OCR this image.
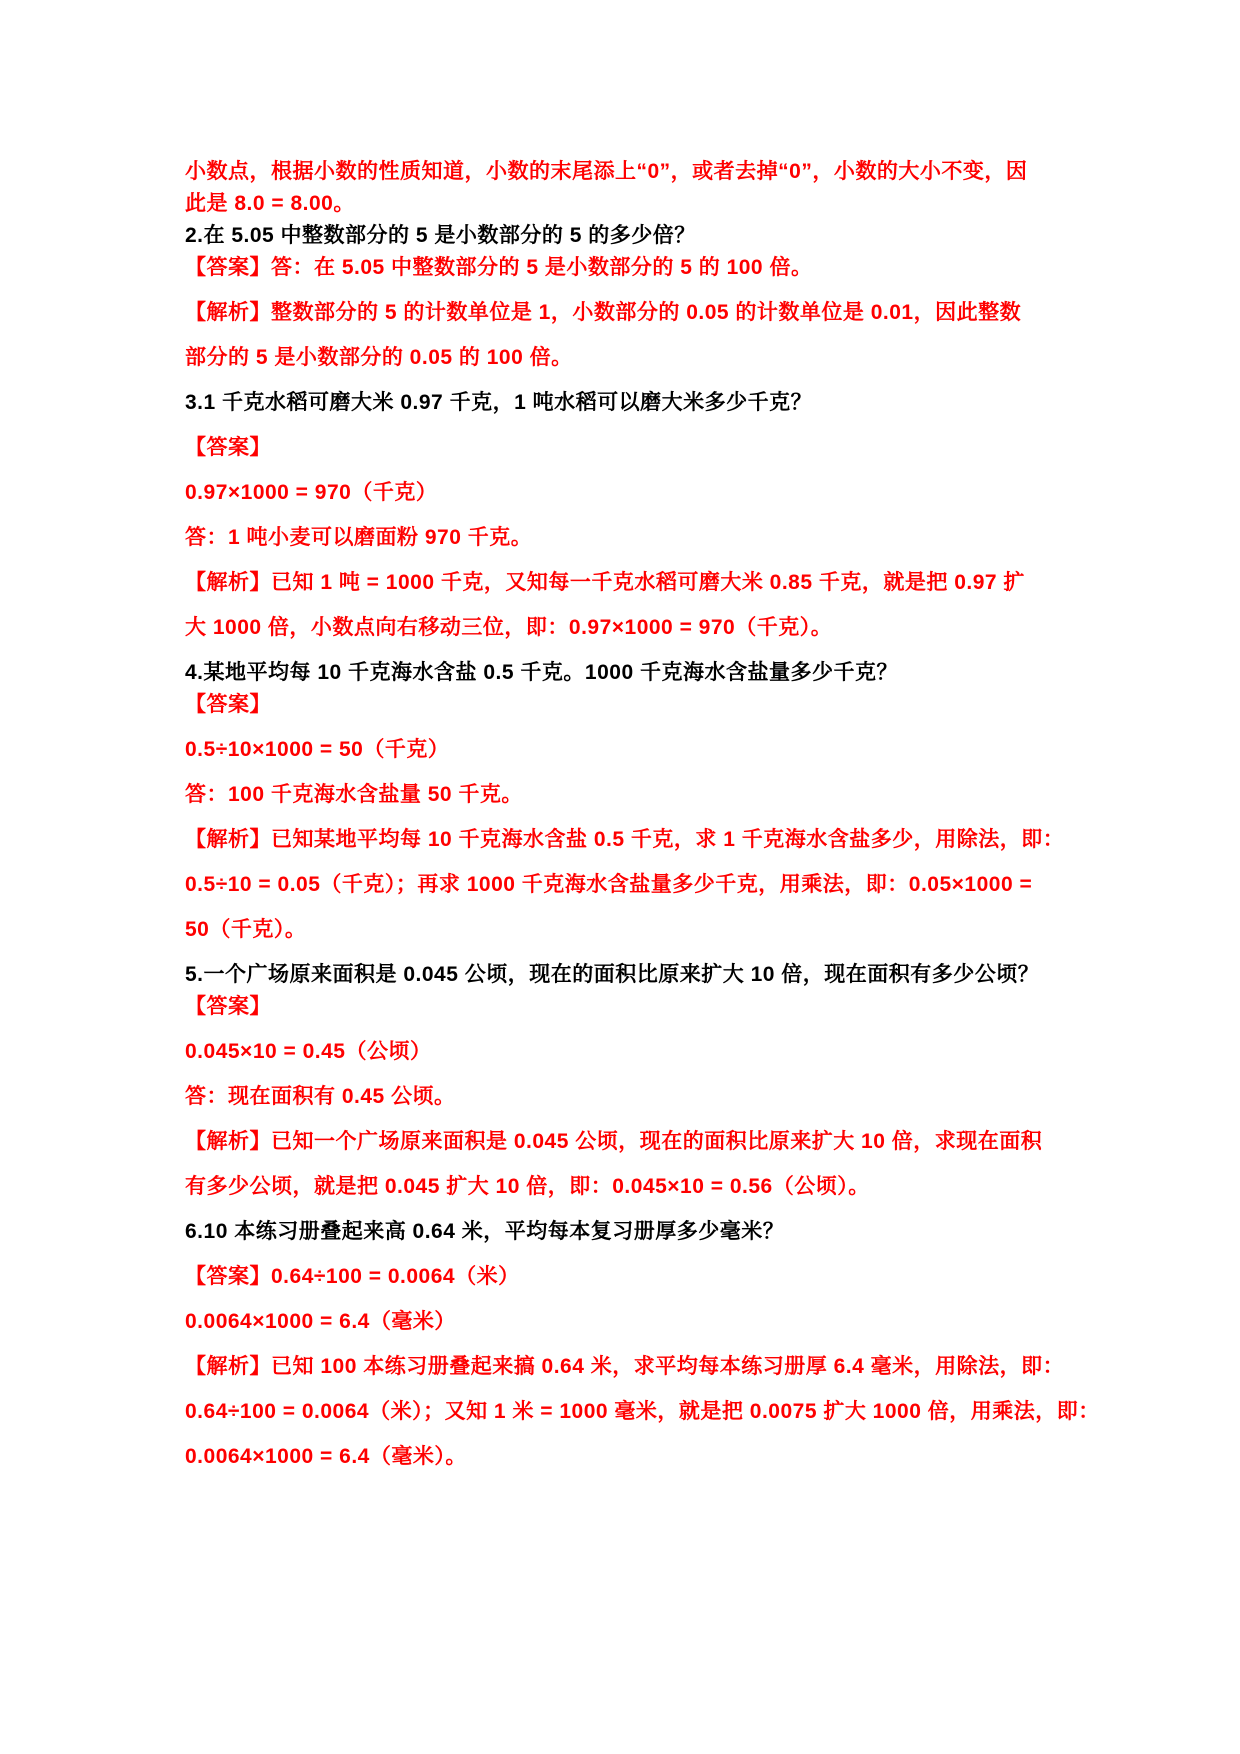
小数点，根据小数的性质知道，小数的末尾添上“0”，或者去掉“0”，小数的大小不变，因

此是 8.0 = 8.00。

2.在 5.05 中整数部分的 5 是小数部分的 5 的多少倍？

【答案】答：在 5.05 中整数部分的 5 是小数部分的 5 的 100 倍。

【解析】整数部分的 5 的计数单位是 1，小数部分的 0.05 的计数单位是 0.01，因此整数

部分的 5 是小数部分的 0.05 的 100 倍。

3.1 千克水稻可磨大米 0.97 千克，1 吨水稻可以磨大米多少千克？

【答案】

0.97×1000 = 970（千克）

答：1 吨小麦可以磨面粉 970 千克。

【解析】已知 1 吨 = 1000 千克，又知每一千克水稻可磨大米 0.85 千克，就是把 0.97 扩

大 1000 倍，小数点向右移动三位，即：0.97×1000 = 970（千克）。

4.某地平均每 10 千克海水含盐 0.5 千克。1000 千克海水含盐量多少千克？

【答案】

0.5÷10×1000 = 50（千克）

答：100 千克海水含盐量 50 千克。

【解析】已知某地平均每 10 千克海水含盐 0.5 千克，求 1 千克海水含盐多少，用除法，即：

0.5÷10 = 0.05（千克）；再求 1000 千克海水含盐量多少千克，用乘法，即：0.05×1000 =

50（千克）。

5.一个广场原来面积是 0.045 公顷，现在的面积比原来扩大 10 倍，现在面积有多少公顷？

【答案】

0.045×10 = 0.45（公顷）

答：现在面积有 0.45 公顷。

【解析】已知一个广场原来面积是 0.045 公顷，现在的面积比原来扩大 10 倍，求现在面积

有多少公顷，就是把 0.045 扩大 10 倍，即：0.045×10 = 0.56（公顷）。

6.10 本练习册叠起来高 0.64 米，平均每本复习册厚多少毫米？

【答案】0.64÷100 = 0.0064（米）

0.0064×1000 = 6.4（毫米）

【解析】已知 100 本练习册叠起来搞 0.64 米，求平均每本练习册厚 6.4 毫米，用除法，即：

0.64÷100 = 0.0064（米）；又知 1 米 = 1000 毫米，就是把 0.0075 扩大 1000 倍，用乘法，即：

0.0064×1000 = 6.4（毫米）。
